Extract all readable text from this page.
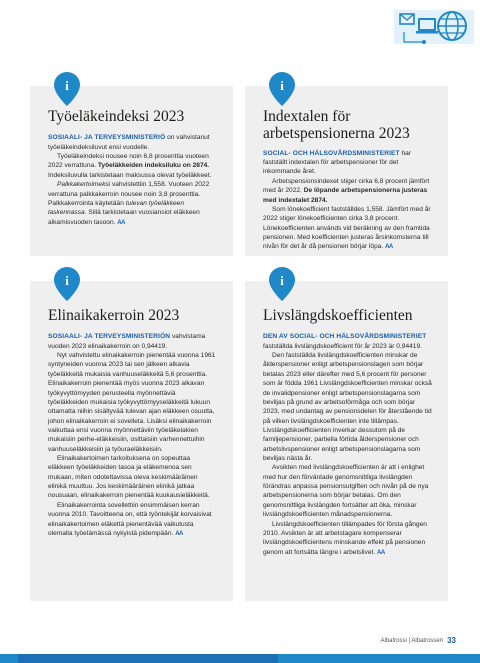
i
Työeläkeindeksi 2023

SOSIAALI- JA TERVEYSMINISTERIÖ on vahvistanut työeläkeindeksiluvut ensi vuodelle.

Työeläkeindeksi nousee noin 6,8 prosenttia vuoteen 2022 verrattuna. Työeläkkeiden indeksiluku on 2874. Indeksiluvulla tarkistetaan maksussa olevat työeläkkeet.

Palkkakertoimeksi vahvistettiin 1,558. Vuoteen 2022 verrattuna palkkakerroin nousee noin 3,8 prosenttia. Palkkakerrointa käytetään tulevan työeläkkeen laskennassa. Sillä tarkistetaan vuosiansiot eläkkeen alkamisvuoden tasoon. AA

i
Indextalen för arbetspensionerna 2023

SOCIAL- OCH HÄLSOVÅRDSMINISTERIET har fastställt indextalen för arbetspensioner för det inkommande året.

Arbetspensionsindexet stiger cirka 6,8 procent jämfört med år 2022. De löpande arbetspensionerna justeras med indextalet 2874.

Som lönekoefficient fastställdes 1,558. Jämfört med år 2022 stiger lönekoefficienten cirka 3,8 procent. Lönekoefficienten används vid beräkning av den framtida pensionen. Med koefficienten justeras årsinkomsterna till nivån för det år då pensionen börjar löpa. AA

i
Elinaikakerroin 2023

SOSIAALI- JA TERVEYSMINISTERIÖN vahvistama vuoden 2023 elinaikakerroin on 0,94419.

Nyt vahvistettu elinaikakerroin pienentää vuonna 1961 syntyneiden vuonna 2023 tai sen jälkeen alkavia työeläkkeitä mukaisia vanhuuseläkkeitä 5,6 prosenttia. Elinaikakerroin pienentää myös vuonna 2023 alkavan työkyvyttömyyden perusteella myönnettäviä työeläkkeiden mukaisia työkyvyttömyyseläkkeitä lukuun ottamatta niihin sisältyvää tulevan ajan eläkkeen osuutta, johon elinaikakerroin ei sovelleta. Lisäksi elinaikakerroin vaikuttaa ensi vuonna myönnettäviin työeläkelakien mukaisiin perhe-eläkkeisiin, osittaisiin varhennettuihin vanhuuseläkkeisiin ja työuraeläkkeisiin.

Elinaikakertoimen tarkoituksena on sopeuttaa eläkkeen työeläkkeiden tasoa ja eläkemenoa sen mukaan, miten odotettavissa oleva keskimääräinen elinikä muuttuu. Jos keskimääräinen elinikä jatkaa nousuaan, elinaikakerroin pienentää kuukausieläkkeitä.

Elinaikakerrointa sovellettiin ensimmäisen kerran vuonna 2010. Tavoitteena on, että työntekijät korvaisivat elinaikakertoimen eläkettä pienentävää vaikutusta olemalla työelämässä nykyistä pidempään. AA

i
Livslängdskoefficienten

DEN AV SOCIAL- OCH HÄLSOVÅRDSMINISTERIET fastställda livslängdskoefficient för år 2023 är 0,94419.

Den fastställda livslängdskoefficienten minskar de ålderspensioner enligt arbetspensionslagen som börjar betalas 2023 eller därefter med 5,6 procent för personer som är födda 1961 Livslängdskoefficienten minskar också de invalidpensioner enligt arbetspensionslagarna som beviljas på grund av arbetsoförmåga och som börjar 2023, med undantag av pensionsdelen för återstående tid på vilken livslängdskoefficienten inte tillämpas. Livslängdskoefficienten inverkar dessutom på de familjepensioner, partiella förtida ålderspensioner och arbetslivspensioner enligt arbetspensionslagarna som beviljas nästa år.

Avsikten med livslängdskoefficienten är att i enlighet med hur den förväntade genomsnittliga livslängden förändras anpassa pensionsutgiften och nivån på de nya arbetspensionerna som börjar betalas. Om den genomsnittliga livslängden fortsätter att öka, minskar livslängdskoefficienten månadspensionerna.

Livslängdskoefficienten tillämpades för första gången 2010. Avsikten är att arbetstagare kompenserar livslängdskoefficientens minskande effekt på pensionen genom att fortsätta längre i arbetslivet. AA

Albatrossi | Albatrossen 33
